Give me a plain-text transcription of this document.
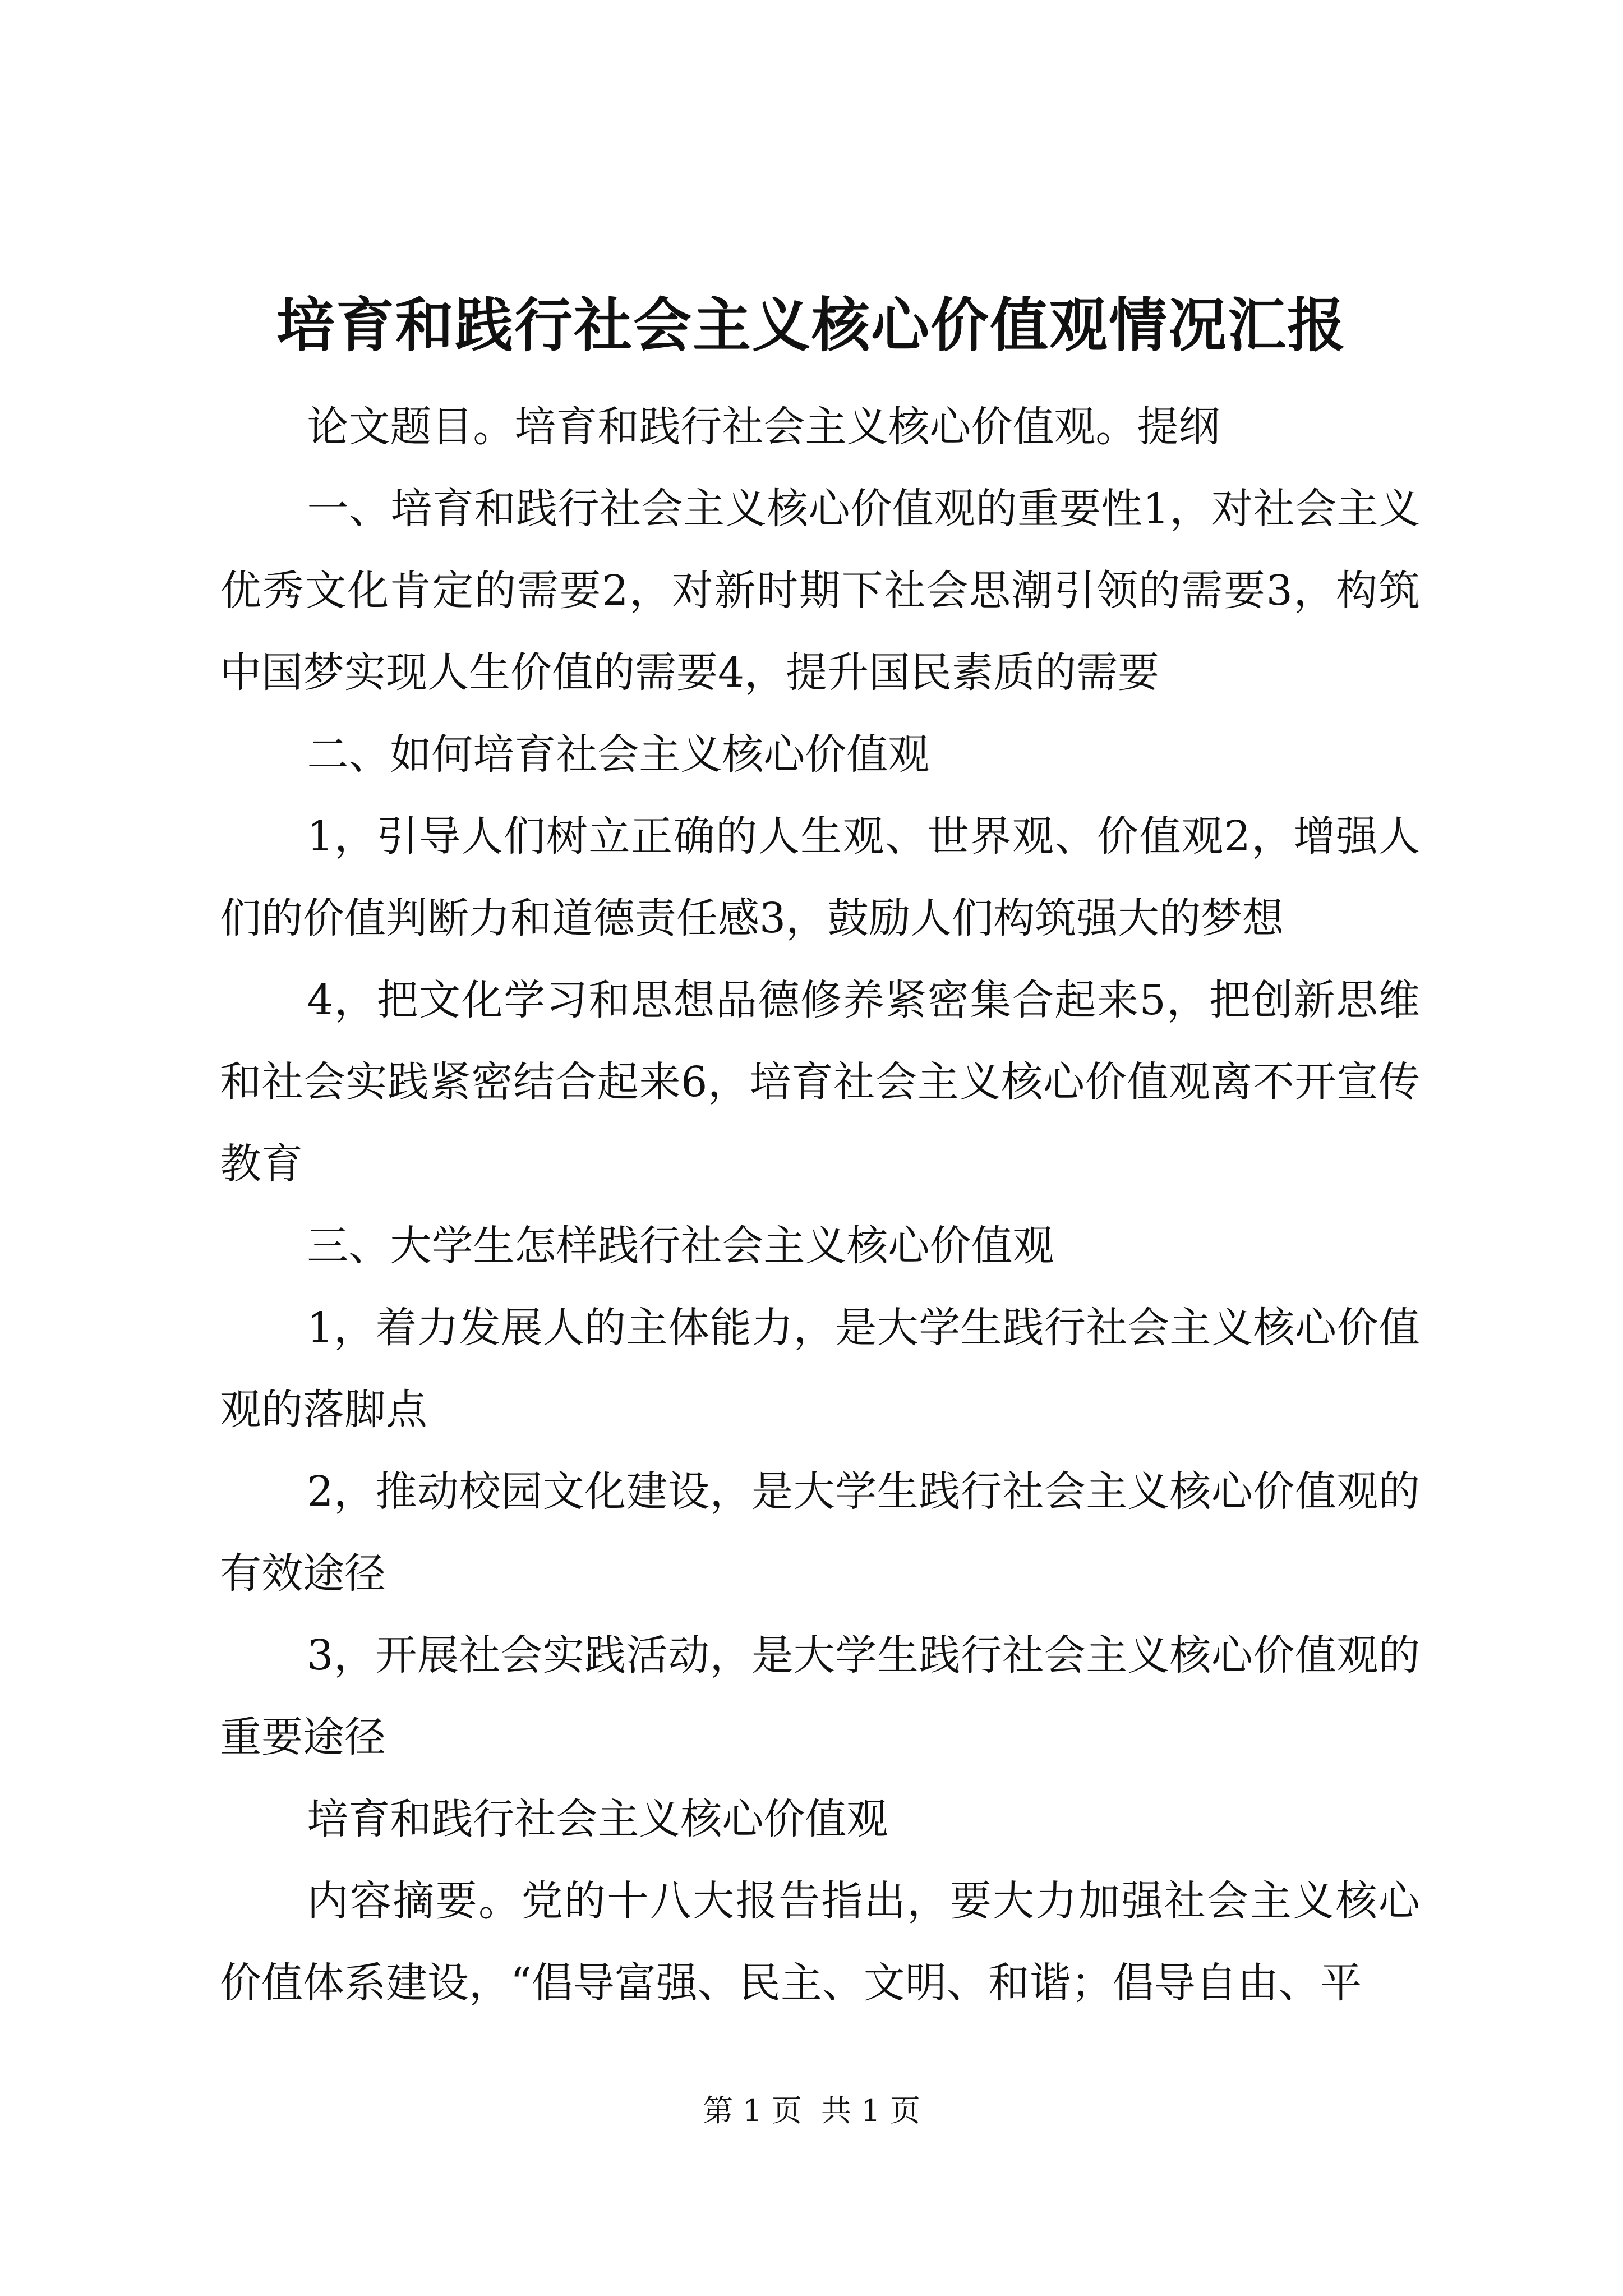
培育和践行社会主义核心价值观情况汇报

论文题目。培育和践行社会主义核心价值观。提纲

一、培育和践行社会主义核心价值观的重要性1，对社会主义优秀文化肯定的需要2，对新时期下社会思潮引领的需要3，构筑中国梦实现人生价值的需要4，提升国民素质的需要

二、如何培育社会主义核心价值观

1，引导人们树立正确的人生观、世界观、价值观2，增强人们的价值判断力和道德责任感3，鼓励人们构筑强大的梦想

4，把文化学习和思想品德修养紧密集合起来5，把创新思维和社会实践紧密结合起来6，培育社会主义核心价值观离不开宣传教育

三、大学生怎样践行社会主义核心价值观

1，着力发展人的主体能力，是大学生践行社会主义核心价值观的落脚点

2，推动校园文化建设，是大学生践行社会主义核心价值观的有效途径

3，开展社会实践活动，是大学生践行社会主义核心价值观的重要途径

培育和践行社会主义核心价值观

内容摘要。党的十八大报告指出，要大力加强社会主义核心价值体系建设，“倡导富强、民主、文明、和谐；倡导自由、平

第 1 页  共 1 页
